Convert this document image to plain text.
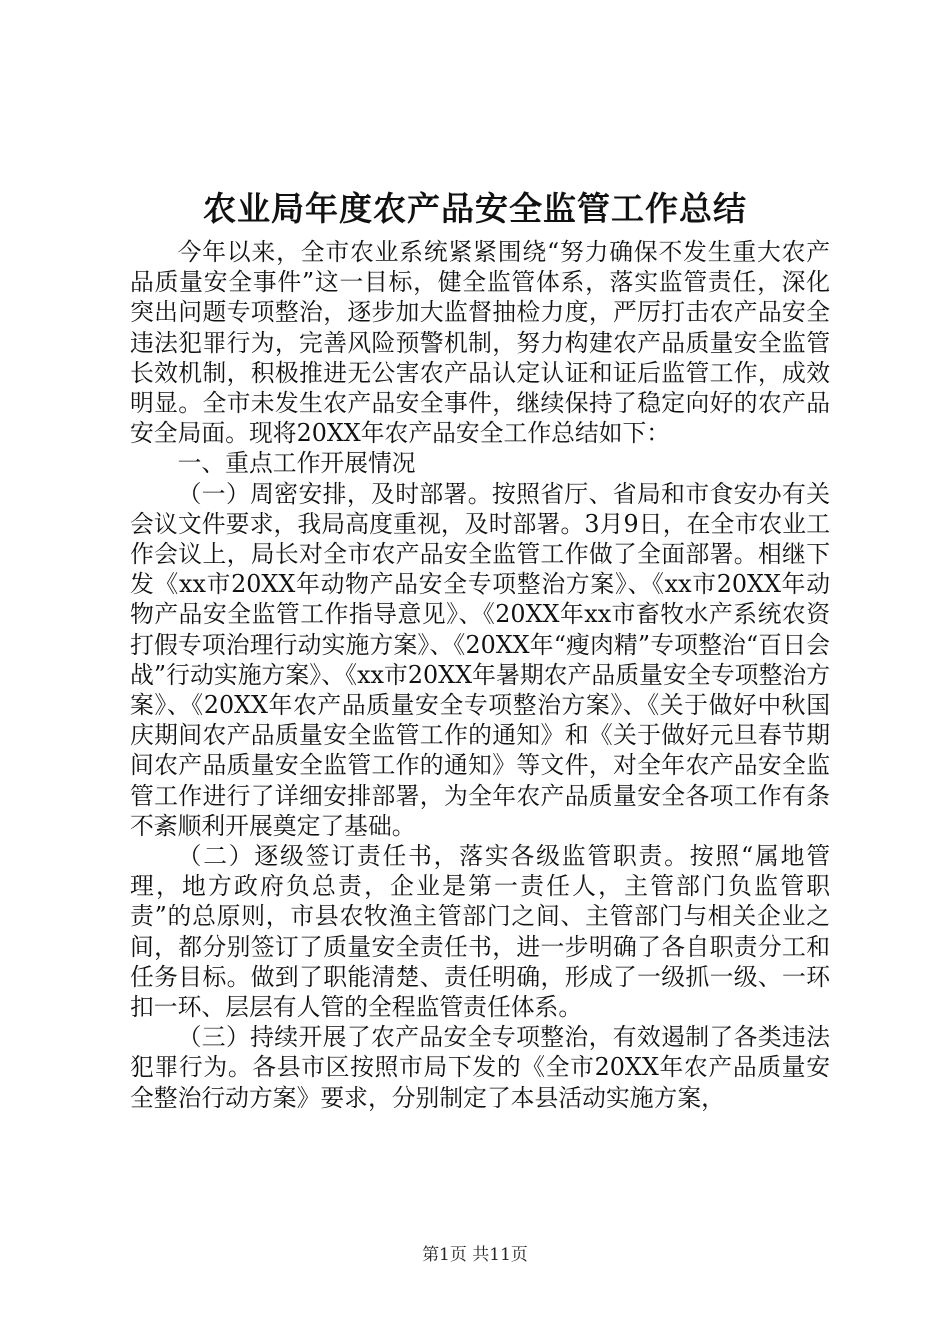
农业局年度农产品安全监管工作总结

今年以来，全市农业系统紧紧围绕“努力确保不发生重大农产品质量安全事件”这一目标，健全监管体系，落实监管责任，深化突出问题专项整治，逐步加大监督抽检力度，严厉打击农产品安全违法犯罪行为，完善风险预警机制，努力构建农产品质量安全监管长效机制，积极推进无公害农产品认定认证和证后监管工作，成效明显。全市未发生农产品安全事件，继续保持了稳定向好的农产品安全局面。现将20XX年农产品安全工作总结如下：

一、重点工作开展情况

（一）周密安排，及时部署。按照省厅、省局和市食安办有关会议文件要求，我局高度重视，及时部署。3月9日，在全市农业工作会议上，局长对全市农产品安全监管工作做了全面部署。相继下发《xx市20XX年动物产品安全专项整治方案》、《xx市20XX年动物产品安全监管工作指导意见》、《20XX年xx市畜牧水产系统农资打假专项治理行动实施方案》、《20XX年“瘦肉精”专项整治“百日会战”行动实施方案》、《xx市20XX年暑期农产品质量安全专项整治方案》、《20XX年农产品质量安全专项整治方案》、《关于做好中秋国庆期间农产品质量安全监管工作的通知》和《关于做好元旦春节期间农产品质量安全监管工作的通知》等文件，对全年农产品安全监管工作进行了详细安排部署，为全年农产品质量安全各项工作有条不紊顺利开展奠定了基础。

（二）逐级签订责任书，落实各级监管职责。按照“属地管理，地方政府负总责，企业是第一责任人，主管部门负监管职责”的总原则，市县农牧渔主管部门之间、主管部门与相关企业之间，都分别签订了质量安全责任书，进一步明确了各自职责分工和任务目标。做到了职能清楚、责任明确，形成了一级抓一级、一环扣一环、层层有人管的全程监管责任体系。

（三）持续开展了农产品安全专项整治，有效遏制了各类违法犯罪行为。各县市区按照市局下发的《全市20XX年农产品质量安全整治行动方案》要求，分别制定了本县活动实施方案，

第1页 共11页
